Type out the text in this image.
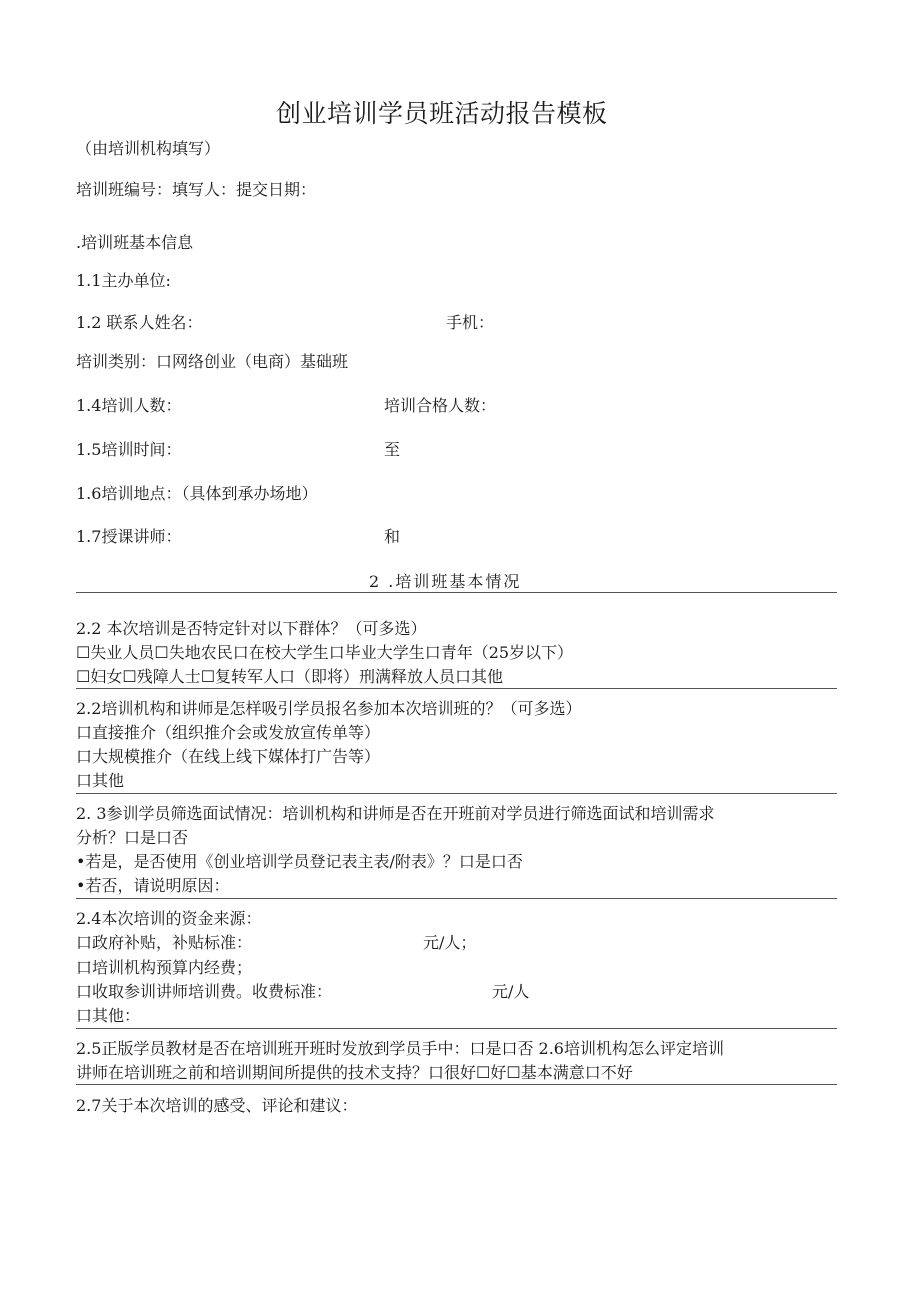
创业培训学员班活动报告模板
（由培训机构填写）
培训班编号：填写人：提交日期：
.培训班基本信息
1.1主办单位:
1.2 联系人姓名：	手机：
培训类别：口网络创业（电商）基础班
1.4培训人数：	培训合格人数：
1.5培训时间：	至
1.6培训地点：（具体到承办场地）
1.7授课讲师：	和
2 .培训班基本情况
2.2 本次培训是否特定针对以下群体？（可多选）
☐失业人员☐失地农民口在校大学生口毕业大学生口青年（25岁以下）
☐妇女☐残障人士☐复转军人口（即将）刑满释放人员口其他
2.2培训机构和讲师是怎样吸引学员报名参加本次培训班的？（可多选）
口直接推介（组织推介会或发放宣传单等）
口大规模推介（在线上线下媒体打广告等）
口其他
2. 3参训学员筛选面试情况：培训机构和讲师是否在开班前对学员进行筛选面试和培训需求
分析？口是口否
•若是，是否使用《创业培训学员登记表主表/附表》？口是口否
•若否，请说明原因：
2.4本次培训的资金来源：
口政府补贴，补贴标准：	元/人；
口培训机构预算内经费；
口收取参训讲师培训费。收费标准：	元/人
口其他：
2.5正版学员教材是否在培训班开班时发放到学员手中：口是口否 2.6培训机构怎么评定培训
讲师在培训班之前和培训期间所提供的技术支持？口很好☐好☐基本满意口不好
2.7关于本次培训的感受、评论和建议：
